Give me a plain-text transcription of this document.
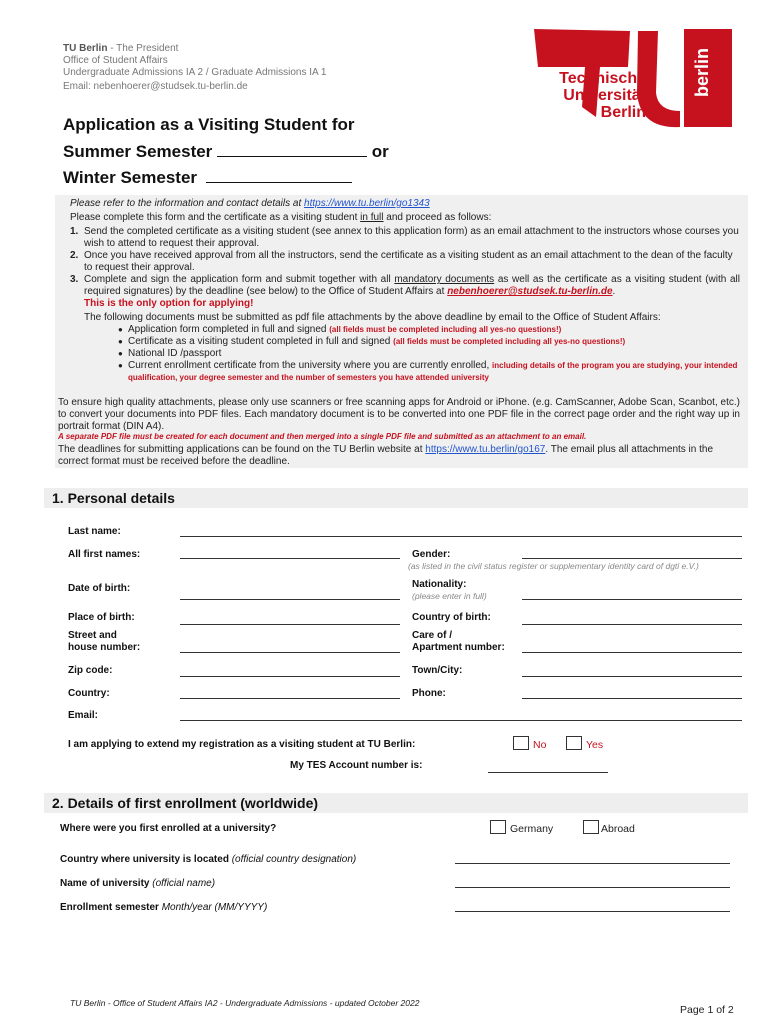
TU Berlin - The President
Office of Student Affairs
Undergraduate Admissions IA 2 / Graduate Admissions IA 1
Email: nebenhoerer@studsek.tu-berlin.de	Technische
Universität
Berlin
berlin
Application as a Visiting Student for
Summer Semester	or
Winter Semester
Please refer to the information and contact details at https://www.tu.berlin/go1343
Please complete this form and the certificate as a visiting student in full and proceed as follows:
1. Send the completed certificate as a visiting student (see annex to this application form) as an email attachment to the instructors whose courses you wish to attend to request their approval.
2. Once you have received approval from all the instructors, send the certificate as a visiting student as an email attachment to the dean of the faculty to request their approval.
3. Complete and sign the application form and submit together with all mandatory documents as well as the certificate as a visiting student (with all required signatures) by the deadline (see below) to the Office of Student Affairs at nebenhoerer@studsek.tu-berlin.de.
This is the only option for applying!
The following documents must be submitted as pdf file attachments by the above deadline by email to the Office of Student Affairs:
● Application form completed in full and signed (all fields must be completed including all yes-no questions!)
● Certificate as a visiting student completed in full and signed (all fields must be completed including all yes-no questions!)
● National ID /passport
● Current enrollment certificate from the university where you are currently enrolled, including details of the program you are studying, your intended qualification, your degree semester and the number of semesters you have attended university
To ensure high quality attachments, please only use scanners or free scanning apps for Android or iPhone. (e.g. CamScanner, Adobe Scan, Scanbot, etc.) to convert your documents into PDF files. Each mandatory document is to be converted into one PDF file in the correct page order and the right way up in portrait format (DIN A4).
A separate PDF file must be created for each document and then merged into a single PDF file and submitted as an attachment to an email.
The deadlines for submitting applications can be found on the TU Berlin website at https://www.tu.berlin/go167. The email plus all attachments in the correct format must be received before the deadline.
1. Personal details
Last name:
All first names:	Gender:
(as listed in the civil status register or supplementary identity card of dgti e.V.)
Date of birth:	Nationality:
(please enter in full)
Place of birth:	Country of birth:
Street and
house number:
Care of /
Apartment number:
Zip code:	Town/City:
Country:	Phone:
Email:
I am applying to extend my registration as a visiting student at TU Berlin:	No	Yes
My TES Account number is:
2. Details of first enrollment (worldwide)
Where were you first enrolled at a university?	Germany	Abroad
Country where university is located (official country designation)
Name of university (official name)
Enrollment semester Month/year (MM/YYYY)
TU Berlin - Office of Student Affairs IA2 - Undergraduate Admissions - updated October 2022
Page 1 of 2
